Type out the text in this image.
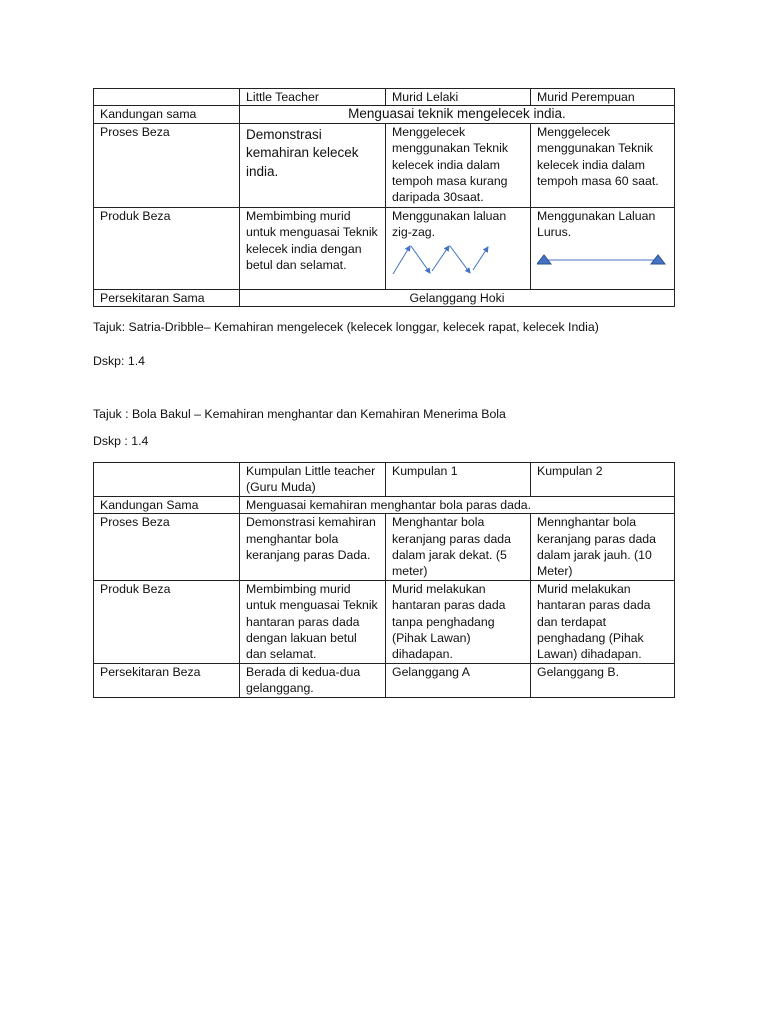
	Little Teacher	Murid Lelaki	Murid Perempuan
Kandungan sama	Menguasai teknik mengelecek india.		
Proses Beza	Demonstrasi kemahiran kelecek india.	Menggelecek menggunakan Teknik kelecek india dalam tempoh masa kurang daripada 30saat.	Menggelecek menggunakan Teknik kelecek india dalam tempoh masa 60 saat.
Produk Beza	Membimbing murid untuk menguasai Teknik kelecek india dengan betul dan selamat.	Menggunakan laluan zig-zag.	Menggunakan Laluan Lurus.

Persekitaran Sama	Gelanggang Hoki		
Tajuk: Satria-Dribble– Kemahiran mengelecek (kelecek longgar, kelecek rapat, kelecek India)
Dskp: 1.4
Tajuk : Bola Bakul – Kemahiran menghantar dan Kemahiran Menerima Bola
Dskp : 1.4
	Kumpulan Little teacher (Guru Muda)	Kumpulan 1	Kumpulan 2
Kandungan Sama	Menguasai kemahiran menghantar bola paras dada.		
Proses Beza	Demonstrasi kemahiran menghantar bola keranjang paras Dada.	Menghantar bola keranjang paras dada dalam jarak dekat. (5 meter)	Mennghantar bola keranjang paras dada dalam jarak jauh. (10 Meter)
Produk Beza	Membimbing murid untuk menguasai Teknik hantaran paras dada dengan lakuan betul dan selamat.	Murid melakukan hantaran paras dada tanpa penghadang (Pihak Lawan) dihadapan.	Murid melakukan hantaran paras dada dan terdapat penghadang (Pihak Lawan) dihadapan.
Persekitaran Beza	Berada di kedua-dua gelanggang.	Gelanggang A	Gelanggang B.
